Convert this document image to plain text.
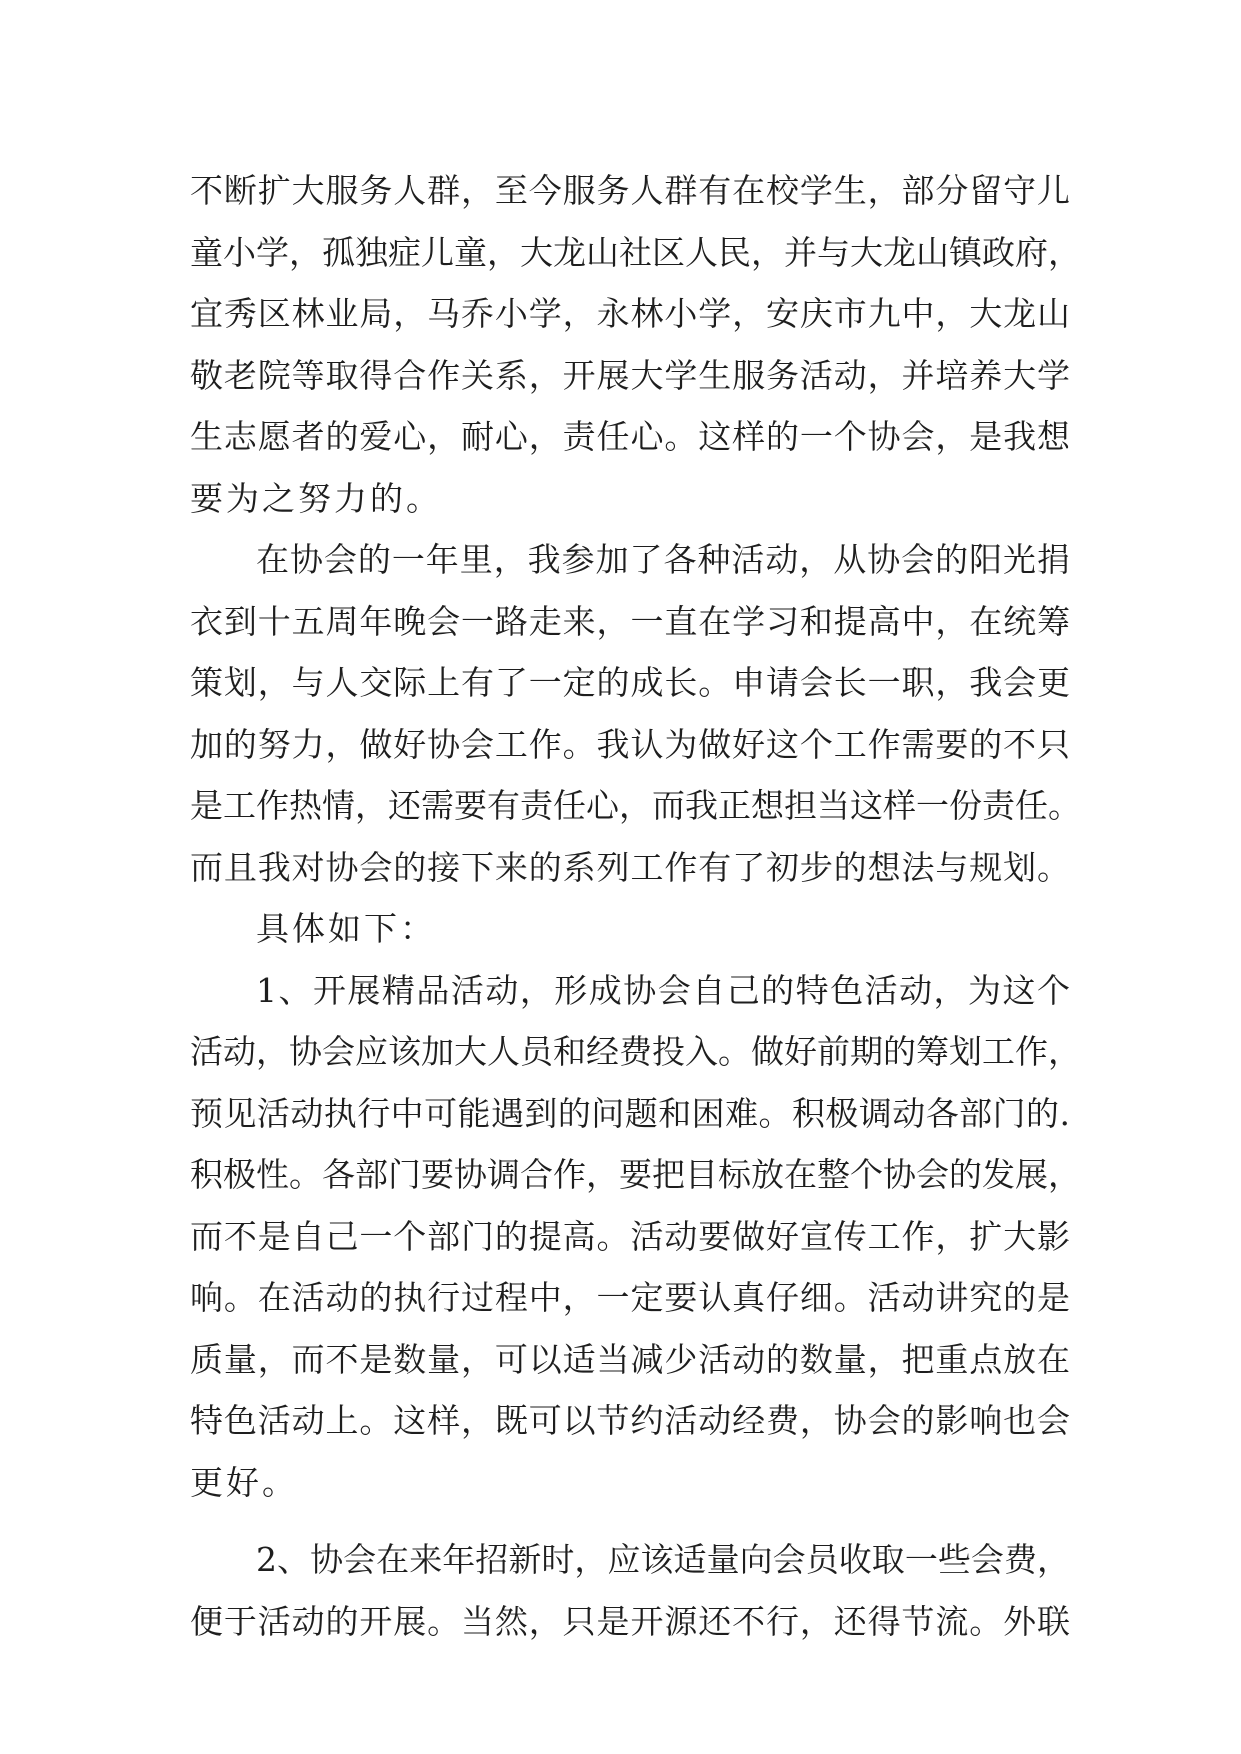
不断扩大服务人群，至今服务人群有在校学生，部分留守儿
童小学，孤独症儿童，大龙山社区人民，并与大龙山镇政府，
宜秀区林业局，马乔小学，永林小学，安庆市九中，大龙山
敬老院等取得合作关系，开展大学生服务活动，并培养大学
生志愿者的爱心，耐心，责任心。这样的一个协会，是我想
要为之努力的。
在协会的一年里，我参加了各种活动，从协会的阳光捐
衣到十五周年晚会一路走来，一直在学习和提高中，在统筹
策划，与人交际上有了一定的成长。申请会长一职，我会更
加的努力，做好协会工作。我认为做好这个工作需要的不只
是工作热情，还需要有责任心，而我正想担当这样一份责任。
而且我对协会的接下来的系列工作有了初步的想法与规划。
具体如下：
1、开展精品活动，形成协会自己的特色活动，为这个
活动，协会应该加大人员和经费投入。做好前期的筹划工作，
预见活动执行中可能遇到的问题和困难。积极调动各部门的.
积极性。各部门要协调合作，要把目标放在整个协会的发展，
而不是自己一个部门的提高。活动要做好宣传工作，扩大影
响。在活动的执行过程中，一定要认真仔细。活动讲究的是
质量，而不是数量，可以适当减少活动的数量，把重点放在
特色活动上。这样，既可以节约活动经费，协会的影响也会
更好。
2、协会在来年招新时，应该适量向会员收取一些会费，
便于活动的开展。当然，只是开源还不行，还得节流。外联
